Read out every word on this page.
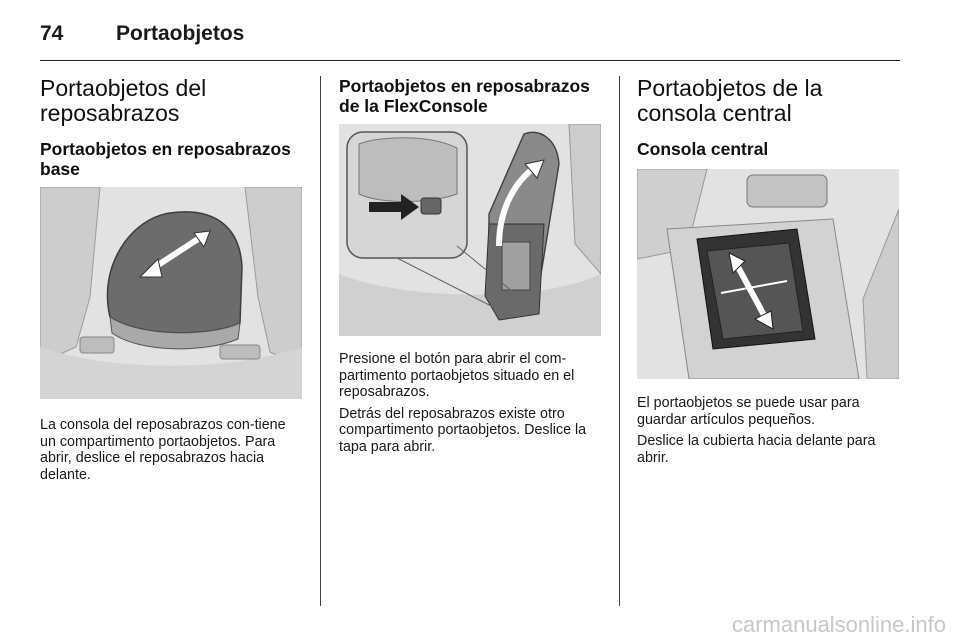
74	Portaobjetos
Portaobjetos del reposabrazos
Portaobjetos en reposabrazos base

La consola del reposabrazos con-tiene un compartimento portaobjetos. Para abrir, deslice el reposabrazos hacia delante.

Portaobjetos en reposabrazos de la FlexConsole

Presione el botón para abrir el com-partimento portaobjetos situado en el reposabrazos.

Detrás del reposabrazos existe otro compartimento portaobjetos. Deslice la tapa para abrir.

Portaobjetos de la consola central
Consola central

El portaobjetos se puede usar para guardar artículos pequeños.

Deslice la cubierta hacia delante para abrir.

carmanualsonline.info
